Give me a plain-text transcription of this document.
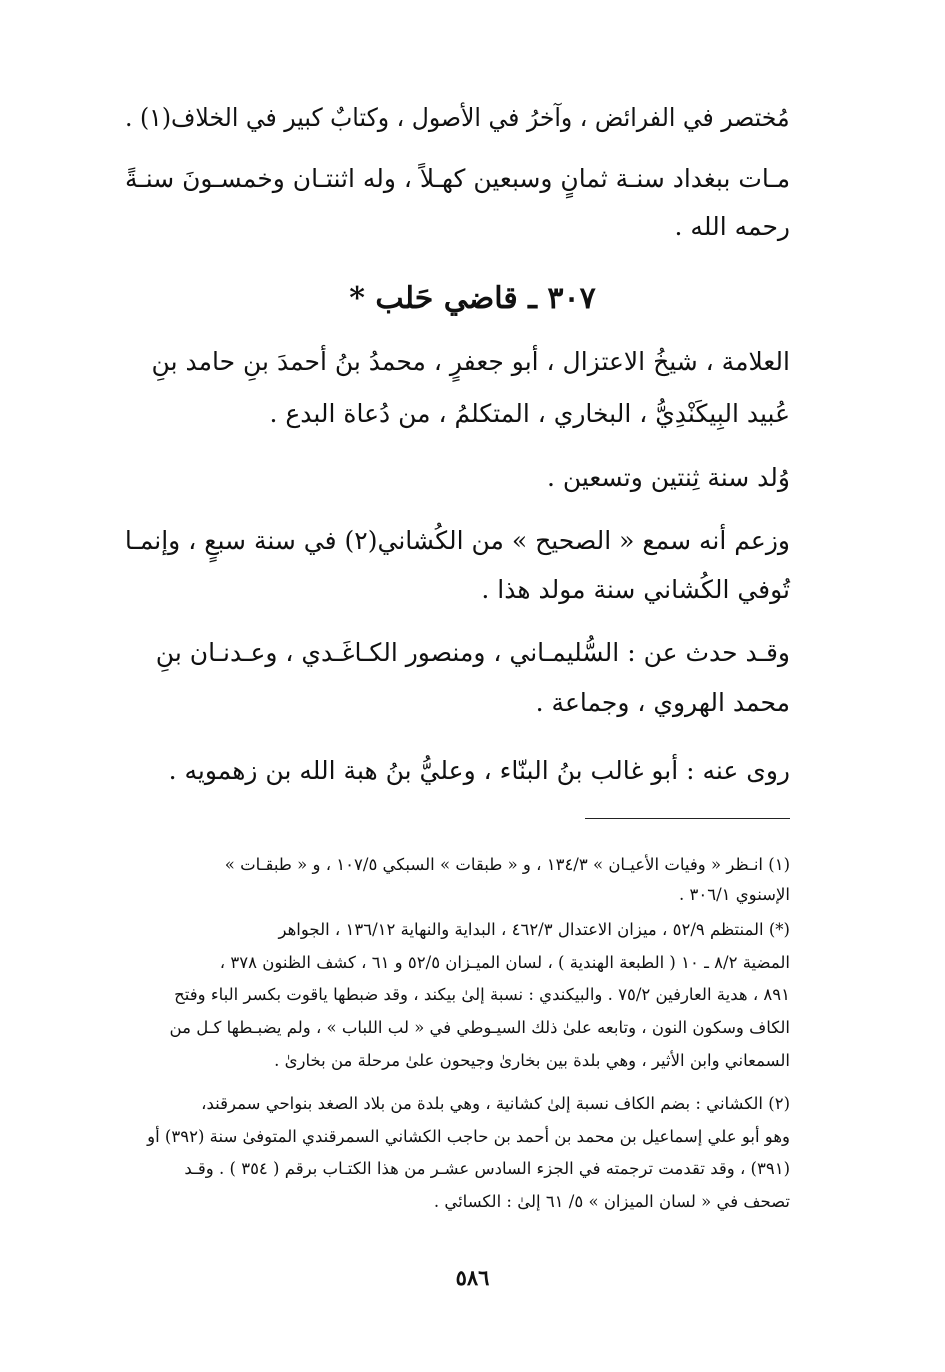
مُختصر في الفرائض ، وآخرُ في الأصول ، وكتابٌ كبير في الخلاف(١) .
مـات ببغداد سنـة ثمانٍ وسبعين كهـلاً ، وله اثنتـان وخمسـونَ سنـةً
رحمه الله .
٣٠٧ ـ قاضي حَلب *
العلامة ، شيخُ الاعتزال ، أبو جعفرٍ ، محمدُ بنُ أحمدَ بنِ حامد بنِ
عُبيد البِيكَنْدِيُّ ، البخاري ، المتكلمُ ، من دُعاة البدع .
وُلد سنة ثِنتين وتسعين .
وزعم أنه سمع « الصحيح » من الكُشاني(٢) في سنة سبعٍ ، وإنمـا
تُوفي الكُشاني سنة مولد هذا .
وقـد حدث عن : السُّليمـاني ، ومنصور الكـاغَـدي ، وعـدنـان بنِ
محمد الهروي ، وجماعة .
روى عنه : أبو غالب بنُ البنّاء ، وعليُّ بنُ هبة الله بن زهمويه .
(١) انـظر « وفيات الأعيـان » ١٣٤/٣ ، و « طبقات » السبكي ١٠٧/٥ ، و « طبقـات »
الإسنوي ٣٠٦/١ .
(*) المنتظم ٥٢/٩ ، ميزان الاعتدال ٤٦٢/٣ ، البداية والنهاية ١٣٦/١٢ ، الجواهر
المضية ٨/٢ ـ ١٠ ( الطبعة الهندية ) ، لسان الميـزان ٥٢/٥ و ٦١ ، كشف الظنون ٣٧٨ ،
٨٩١ ، هدية العارفين ٧٥/٢ . والبيكندي : نسبة إلىٰ بيكند ، وقد ضبطها ياقوت بكسر الباء وفتح
الكاف وسكون النون ، وتابعه علىٰ ذلك السيـوطي في « لب اللباب » ، ولم يضبـطها كـل من
السمعاني وابن الأثير ، وهي بلدة بين بخارىٰ وجيحون علىٰ مرحلة من بخارىٰ .
(٢) الكشاني : بضم الكاف نسبة إلىٰ كشانية ، وهي بلدة من بلاد الصغد بنواحي سمرقند،
وهو أبو علي إسماعيل بن محمد بن أحمد بن حاجب الكشاني السمرقندي المتوفىٰ سنة (٣٩٢) أو
(٣٩١) ، وقد تقدمت ترجمته في الجزء السادس عشـر من هذا الكتـاب برقم ( ٣٥٤ ) . وقـد
تصحف في « لسان الميزان » ٥/ ٦١ إلىٰ : الكسائي .
٥٨٦
